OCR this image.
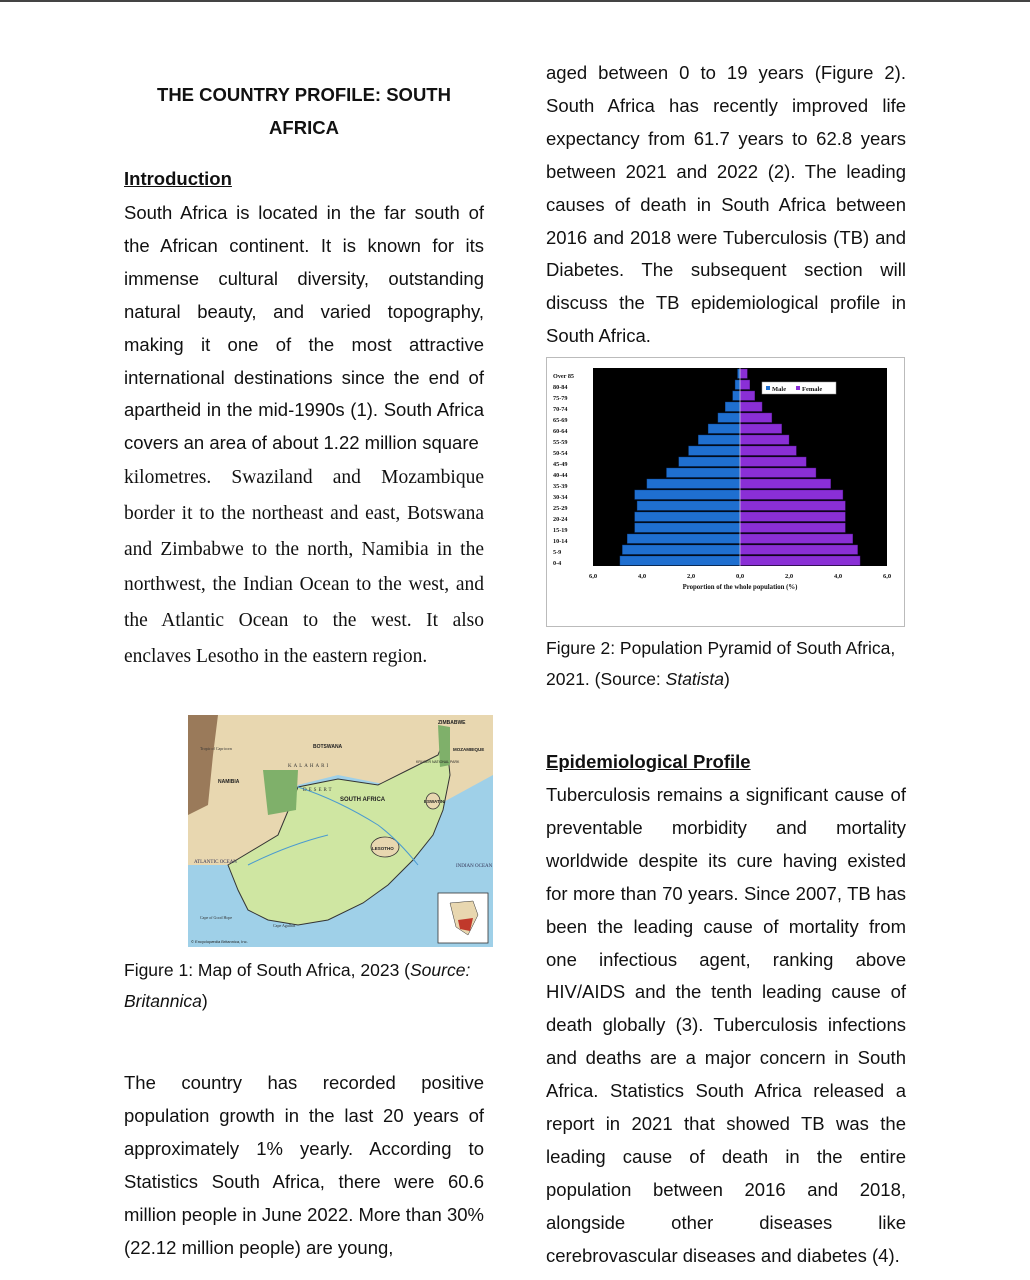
THE COUNTRY PROFILE: SOUTH
AFRICA
Introduction
South Africa is located in the far south of the African continent. It is known for its immense cultural diversity, outstanding natural beauty, and varied topography, making it one of the most attractive international destinations since the end of apartheid in the mid-1990s (1). South Africa covers an area of about 1.22 million square
kilometres. Swaziland and Mozambique border it to the northeast and east, Botswana and Zimbabwe to the north, Namibia in the northwest, the Indian Ocean to the west, and the Atlantic Ocean to the west. It also enclaves Lesotho in the eastern region.
ZIMBABWE
BOTSWANA
NAMIBIA
MOZAMBIQUE
SOUTH AFRICA
KALAHARI
DESERT
ESWATINI
LESOTHO
ATLANTIC OCEAN
INDIAN OCEAN
Tropic of Capricorn
Cape of Good Hope
Cape Agulhas
KRUGER NATIONAL PARK
© Encyclopædia Britannica, Inc.
Figure 1: Map of South Africa, 2023 (Source: Britannica)
The country has recorded positive population growth in the last 20 years of approximately 1% yearly. According to Statistics South Africa, there were 60.6 million people in June 2022. More than 30% (22.12 million people) are young,
aged between 0 to 19 years (Figure 2). South Africa has recently improved life expectancy from 61.7 years to 62.8 years between 2021 and 2022 (2). The leading causes of death in South Africa between 2016 and 2018 were Tuberculosis (TB) and Diabetes. The subsequent section will discuss the TB epidemiological profile in South Africa.
Over 85
80-84
75-79
70-74
65-69
60-64
55-59
50-54
45-49
40-44
35-39
30-34
25-29
20-24
15-19
10-14
5-9
0-4
6,0	4,0	2,0	0,0	2,0	4,0	6,0
Proportion of the whole population (%)
Male Female
Figure 2: Population Pyramid of South Africa, 2021. (Source: Statista)
Epidemiological Profile
Tuberculosis remains a significant cause of preventable morbidity and mortality worldwide despite its cure having existed for more than 70 years. Since 2007, TB has been the leading cause of mortality from one infectious agent, ranking above HIV/AIDS and the tenth leading cause of death globally (3). Tuberculosis infections and deaths are a major concern in South Africa. Statistics South Africa released a report in 2021 that showed TB was the leading cause of death in the entire population between 2016 and 2018, alongside other diseases like cerebrovascular diseases and diabetes (4).
